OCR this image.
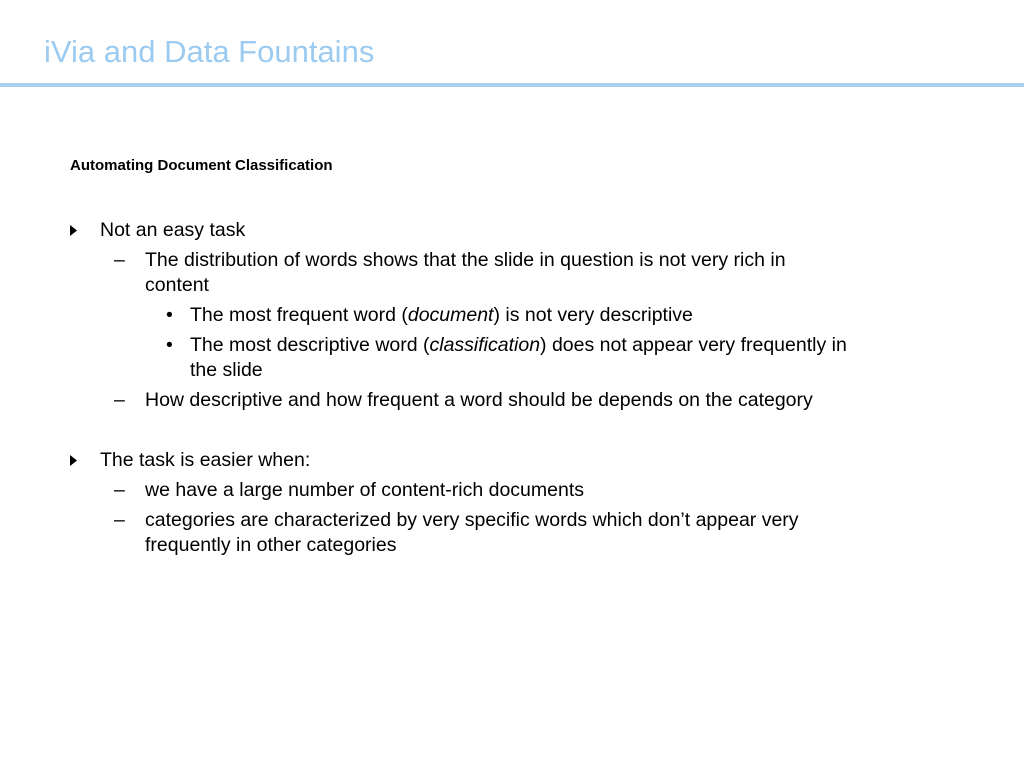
iVia and Data Fountains
Automating Document Classification
Not an easy task
– The distribution of words shows that the slide in question is not very rich in
content
• The most frequent word (document) is not very descriptive
• The most descriptive word (classification) does not appear very frequently in
the slide
– How descriptive and how frequent a word should be depends on the category
The task is easier when:
– we have a large number of content-rich documents
– categories are characterized by very specific words which don’t appear very
frequently in other categories
